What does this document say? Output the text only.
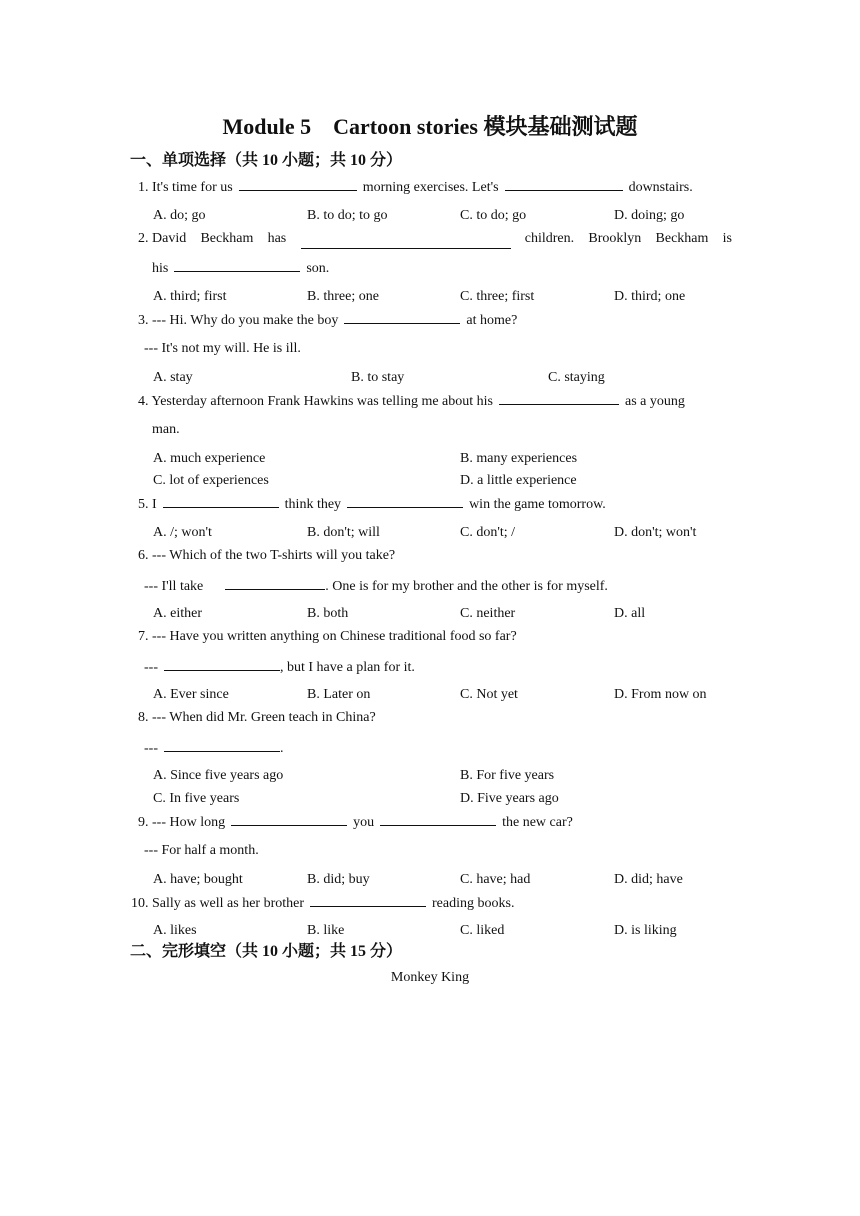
Module 5 Cartoon stories 模块基础测试题
一、单项选择（共 10 小题；共 10 分）
1. It's time for us	morning exercises. Let's	downstairs.
A. do; go	B. to do; to go	C. to do; go	D. doing; go
2. David Beckham has	children. Brooklyn Beckham is
his	son.
A. third; first	B. three; one	C. three; first	D. third; one
3. --- Hi. Why do you make the boy	at home?
--- It's not my will. He is ill.
A. stay	B. to stay	C. staying
4. Yesterday afternoon Frank Hawkins was telling me about his	as a young
man.
A. much experience	B. many experiences
C. lot of experiences	D. a little experience
5. I	think they	win the game tomorrow.
A. /; won't	B. don't; will	C. don't; /	D. don't; won't
6. --- Which of the two T-shirts will you take?
--- I'll take	. One is for my brother and the other is for myself.
A. either	B. both	C. neither	D. all
7. --- Have you written anything on Chinese traditional food so far?
---	, but I have a plan for it.
A. Ever since	B. Later on	C. Not yet	D. From now on
8. --- When did Mr. Green teach in China?
---	.
A. Since five years ago	B. For five years
C. In five years	D. Five years ago
9. --- How long	you	the new car?
--- For half a month.
A. have; bought	B. did; buy	C. have; had	D. did; have
10. Sally as well as her brother	reading books.
A. likes	B. like	C. liked	D. is liking
二、完形填空（共 10 小题；共 15 分）
Monkey King
